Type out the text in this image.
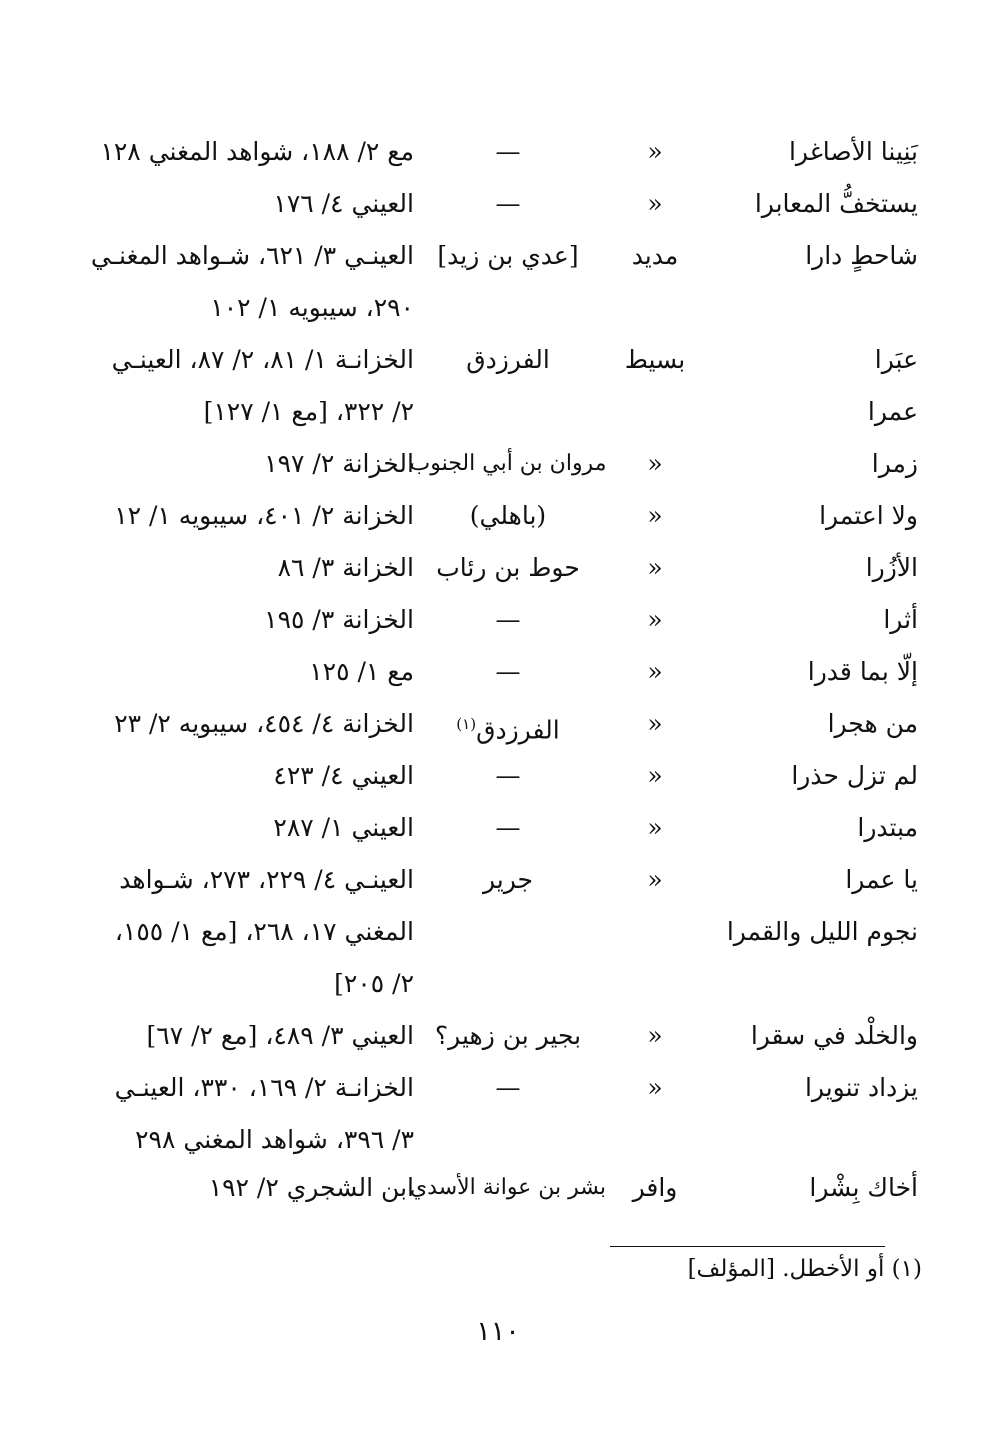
بَنِينا الأصاغرا
«
—
مع ٢/ ١٨٨، شواهد المغني ١٢٨
يستخفُّ المعابرا
«
—
العيني ٤/ ١٧٦
شاحطٍ دارا
مديد
[عدي بن زيد]
العينـي ٣/ ٦٢١، شـواهد المغنـي
٢٩٠، سيبويه ١/ ١٠٢
عبَرا
بسيط
الفرزدق
الخزانـة ١/ ٨١، ٢/ ٨٧، العينـي
عمرا
٢/ ٣٢٢، [مع ١/ ١٢٧]
زمرا
«
مروان بن أبي الجنوب
الخزانة ٢/ ١٩٧
ولا اعتمرا
«
(باهلي)
الخزانة ٢/ ٤٠١، سيبويه ١/ ١٢
الأزُرا
«
حوط بن رئاب
الخزانة ٣/ ٨٦
أثرا
«
—
الخزانة ٣/ ١٩٥
إلّا بما قدرا
«
—
مع ١/ ١٢٥
من هجرا
«
الفرزدق$^{(١)}$
الخزانة ٤/ ٤٥٤، سيبويه ٢/ ٢٣
لم تزل حذرا
«
—
العيني ٤/ ٤٢٣
مبتدرا
«
—
العيني ١/ ٢٨٧
يا عمرا
«
جرير
العينـي ٤/ ٢٢٩، ٢٧٣، شـواهد
نجوم الليل والقمرا
المغني ١٧، ٢٦٨، [مع ١/ ١٥٥،
٢/ ٢٠٥]
والخلْد في سقرا
«
بجير بن زهير؟
العيني ٣/ ٤٨٩، [مع ٢/ ٦٧]
يزداد تنويرا
«
—
الخزانـة ٢/ ١٦٩، ٣٣٠، العينـي
٣/ ٣٩٦، شواهد المغني ٢٩٨
أخاك بِشْرا
وافر
بشر بن عوانة الأسدي
ابن الشجري ٢/ ١٩٢
(١) أو الأخطل. [المؤلف]
١١٠
